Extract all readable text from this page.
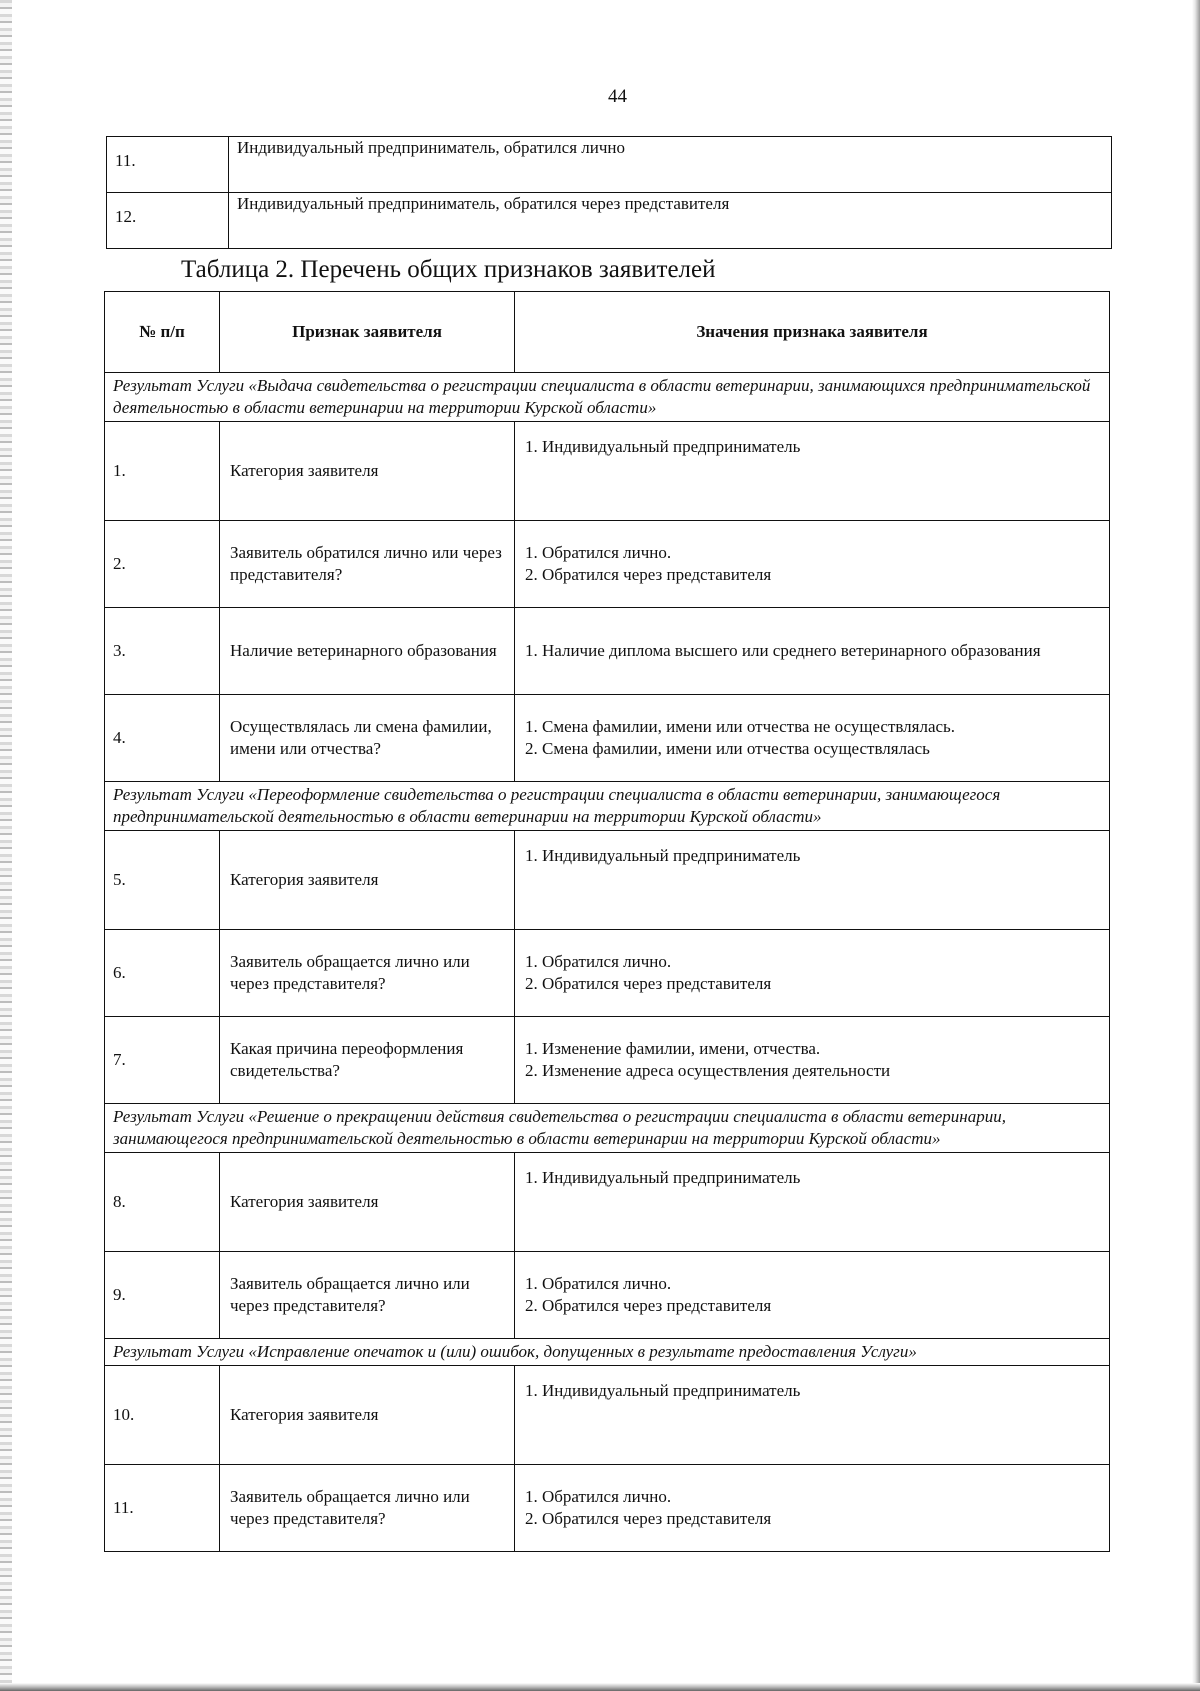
44
11.	Индивидуальный предприниматель, обратился лично
12.	Индивидуальный предприниматель, обратился через представителя
Таблица 2. Перечень общих признаков заявителей
№ п/п	Признак заявителя	Значения признака заявителя
Результат Услуги «Выдача свидетельства о регистрации специалиста в области ветеринарии, занимающихся предпринимательской деятельностью в области ветеринарии на территории Курской области»		
1.	Категория заявителя	1. Индивидуальный предприниматель

2.	Заявитель обратился лично или через представителя?	1. Обратился лично.
2. Обратился через представителя

3.	Наличие ветеринарного образования	1. Наличие диплома высшего или среднего ветеринарного образования

4.	Осуществлялась ли смена фамилии, имени или отчества?	1. Смена фамилии, имени или отчества не осуществлялась.
2. Смена фамилии, имени или отчества осуществлялась

Результат Услуги «Переоформление свидетельства о регистрации специалиста в области ветеринарии, занимающегося предпринимательской деятельностью в области ветеринарии на территории Курской области»		
5.	Категория заявителя	1. Индивидуальный предприниматель

6.	Заявитель обращается лично или через представителя?	1. Обратился лично.
2. Обратился через представителя

7.	Какая причина переоформления свидетельства?	1. Изменение фамилии, имени, отчества.
2. Изменение адреса осуществления деятельности

Результат Услуги «Решение о прекращении действия свидетельства о регистрации специалиста в области ветеринарии, занимающегося предпринимательской деятельностью в области ветеринарии на территории Курской области»		
8.	Категория заявителя	1. Индивидуальный предприниматель

9.	Заявитель обращается лично или через представителя?	1. Обратился лично.
2. Обратился через представителя

Результат Услуги «Исправление опечаток и (или) ошибок, допущенных в результате предоставления Услуги»		
10.	Категория заявителя	1. Индивидуальный предприниматель

11.	Заявитель обращается лично или через представителя?	1. Обратился лично.
2. Обратился через представителя
